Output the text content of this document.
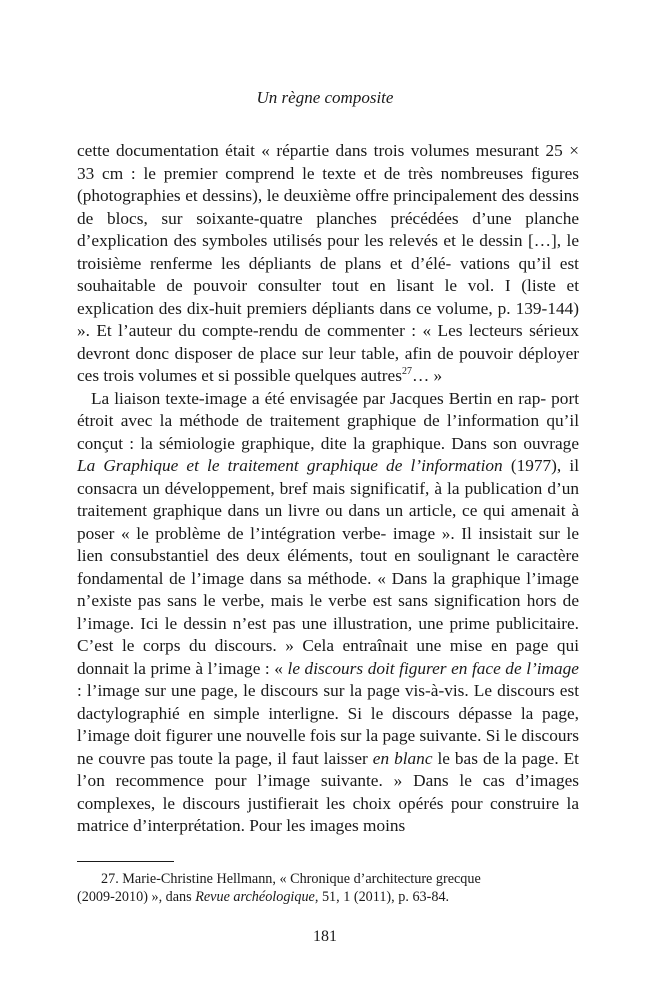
Un règne composite

cette documentation était « répartie dans trois volumes mesurant 25 × 33 cm : le premier comprend le texte et de très nombreuses figures (photographies et dessins), le deuxième offre principalement des dessins de blocs, sur soixante-quatre planches précédées d’une planche d’explication des symboles utilisés pour les relevés et le dessin […], le troisième renferme les dépliants de plans et d’élé- vations qu’il est souhaitable de pouvoir consulter tout en lisant le vol. I (liste et explication des dix-huit premiers dépliants dans ce volume, p. 139-144) ». Et l’auteur du compte-rendu de commenter : « Les lecteurs sérieux devront donc disposer de place sur leur table, afin de pouvoir déployer ces trois volumes et si possible quelques autres$^{27}$… »

La liaison texte-image a été envisagée par Jacques Bertin en rap- port étroit avec la méthode de traitement graphique de l’information qu’il conçut : la sémiologie graphique, dite la graphique. Dans son ouvrage La Graphique et le traitement graphique de l’information (1977), il consacra un développement, bref mais significatif, à la publication d’un traitement graphique dans un livre ou dans un article, ce qui amenait à poser « le problème de l’intégration verbe- image ». Il insistait sur le lien consubstantiel des deux éléments, tout en soulignant le caractère fondamental de l’image dans sa méthode. « Dans la graphique l’image n’existe pas sans le verbe, mais le verbe est sans signification hors de l’image. Ici le dessin n’est pas une illustration, une prime publicitaire. C’est le corps du discours. » Cela entraînait une mise en page qui donnait la prime à l’image : « le discours doit figurer en face de l’image : l’image sur une page, le discours sur la page vis-à-vis. Le discours est dactylographié en simple interligne. Si le discours dépasse la page, l’image doit figurer une nouvelle fois sur la page suivante. Si le discours ne couvre pas toute la page, il faut laisser en blanc le bas de la page. Et l’on recommence pour l’image suivante. » Dans le cas d’images complexes, le discours justifierait les choix opérés pour construire la matrice d’interprétation. Pour les images moins

27. Marie-Christine Hellmann, « Chronique d’architecture grecque
(2009-2010) », dans Revue archéologique, 51, 1 (2011), p. 63-84.
181
